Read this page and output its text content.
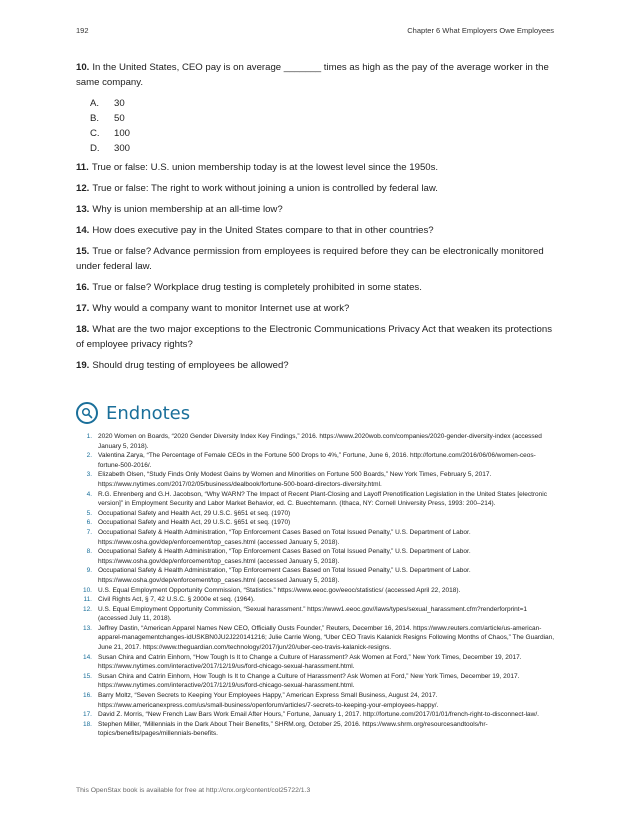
192	Chapter 6 What Employers Owe Employees

10. In the United States, CEO pay is on average _______ times as high as the pay of the average worker in the same company.

A.	30
B.	50
C.	100
D.	300

11. True or false: U.S. union membership today is at the lowest level since the 1950s.

12. True or false: The right to work without joining a union is controlled by federal law.

13. Why is union membership at an all-time low?

14. How does executive pay in the United States compare to that in other countries?

15. True or false? Advance permission from employees is required before they can be electronically monitored under federal law.

16. True or false? Workplace drug testing is completely prohibited in some states.

17. Why would a company want to monitor Internet use at work?

18. What are the two major exceptions to the Electronic Communications Privacy Act that weaken its protections of employee privacy rights?

19. Should drug testing of employees be allowed?

Endnotes
1. 2020 Women on Boards, “2020 Gender Diversity Index Key Findings,” 2016. https://www.2020wob.com/companies/2020-gender-diversity-index (accessed January 5, 2018).
2. Valentina Zarya, “The Percentage of Female CEOs in the Fortune 500 Drops to 4%,” Fortune, June 6, 2016. http://fortune.com/2016/06/06/women-ceos-fortune-500-2016/.
3. Elizabeth Olsen, “Study Finds Only Modest Gains by Women and Minorities on Fortune 500 Boards,” New York Times, February 5, 2017. https://www.nytimes.com/2017/02/05/business/dealbook/fortune-500-board-directors-diversity.html.
4. R.G. Ehrenberg and G.H. Jacobson, “Why WARN? The Impact of Recent Plant-Closing and Layoff Prenotification Legislation in the United States [electronic version]” in Employment Security and Labor Market Behavior, ed. C. Buechtemann. (Ithaca, NY: Cornell University Press, 1993: 200–214).
5. Occupational Safety and Health Act, 29 U.S.C. §651 et seq. (1970)
6. Occupational Safety and Health Act, 29 U.S.C. §651 et seq. (1970)
7. Occupational Safety & Health Administration, “Top Enforcement Cases Based on Total Issued Penalty,” U.S. Department of Labor. https://www.osha.gov/dep/enforcement/top_cases.html (accessed January 5, 2018).
8. Occupational Safety & Health Administration, “Top Enforcement Cases Based on Total Issued Penalty,” U.S. Department of Labor. https://www.osha.gov/dep/enforcement/top_cases.html (accessed January 5, 2018).
9. Occupational Safety & Health Administration, “Top Enforcement Cases Based on Total Issued Penalty,” U.S. Department of Labor. https://www.osha.gov/dep/enforcement/top_cases.html (accessed January 5, 2018).
10. U.S. Equal Employment Opportunity Commission, “Statistics.” https://www.eeoc.gov/eeoc/statistics/ (accessed April 22, 2018).
11. Civil Rights Act, § 7, 42 U.S.C. § 2000e et seq. (1964).
12. U.S. Equal Employment Opportunity Commission, “Sexual harassment.” https://www1.eeoc.gov//laws/types/sexual_harassment.cfm?renderforprint=1 (accessed July 11, 2018).
13. Jeffrey Dastin, “American Apparel Names New CEO, Officially Ousts Founder,” Reuters, December 16, 2014. https://www.reuters.com/article/us-american-apparel-managementchanges-idUSKBN0JU2J220141216; Julie Carrie Wong, “Uber CEO Travis Kalanick Resigns Following Months of Chaos,” The Guardian, June 21, 2017. https://www.theguardian.com/technology/2017/jun/20/uber-ceo-travis-kalanick-resigns.
14. Susan Chira and Catrin Einhorn, “How Tough Is It to Change a Culture of Harassment? Ask Women at Ford,” New York Times, December 19, 2017. https://www.nytimes.com/interactive/2017/12/19/us/ford-chicago-sexual-harassment.html.
15. Susan Chira and Catrin Einhorn, How Tough Is It to Change a Culture of Harassment? Ask Women at Ford,” New York Times, December 19, 2017. https://www.nytimes.com/interactive/2017/12/19/us/ford-chicago-sexual-harassment.html.
16. Barry Moltz, “Seven Secrets to Keeping Your Employees Happy,” American Express Small Business, August 24, 2017. https://www.americanexpress.com/us/small-business/openforum/articles/7-secrets-to-keeping-your-employees-happy/.
17. David Z. Morris, “New French Law Bars Work Email After Hours,” Fortune, January 1, 2017. http://fortune.com/2017/01/01/french-right-to-disconnect-law/.
18. Stephen Miller, “Millennials in the Dark About Their Benefits,” SHRM.org, October 25, 2016. https://www.shrm.org/resourcesandtools/hr-topics/benefits/pages/millennials-benefits.
This OpenStax book is available for free at http://cnx.org/content/col25722/1.3
